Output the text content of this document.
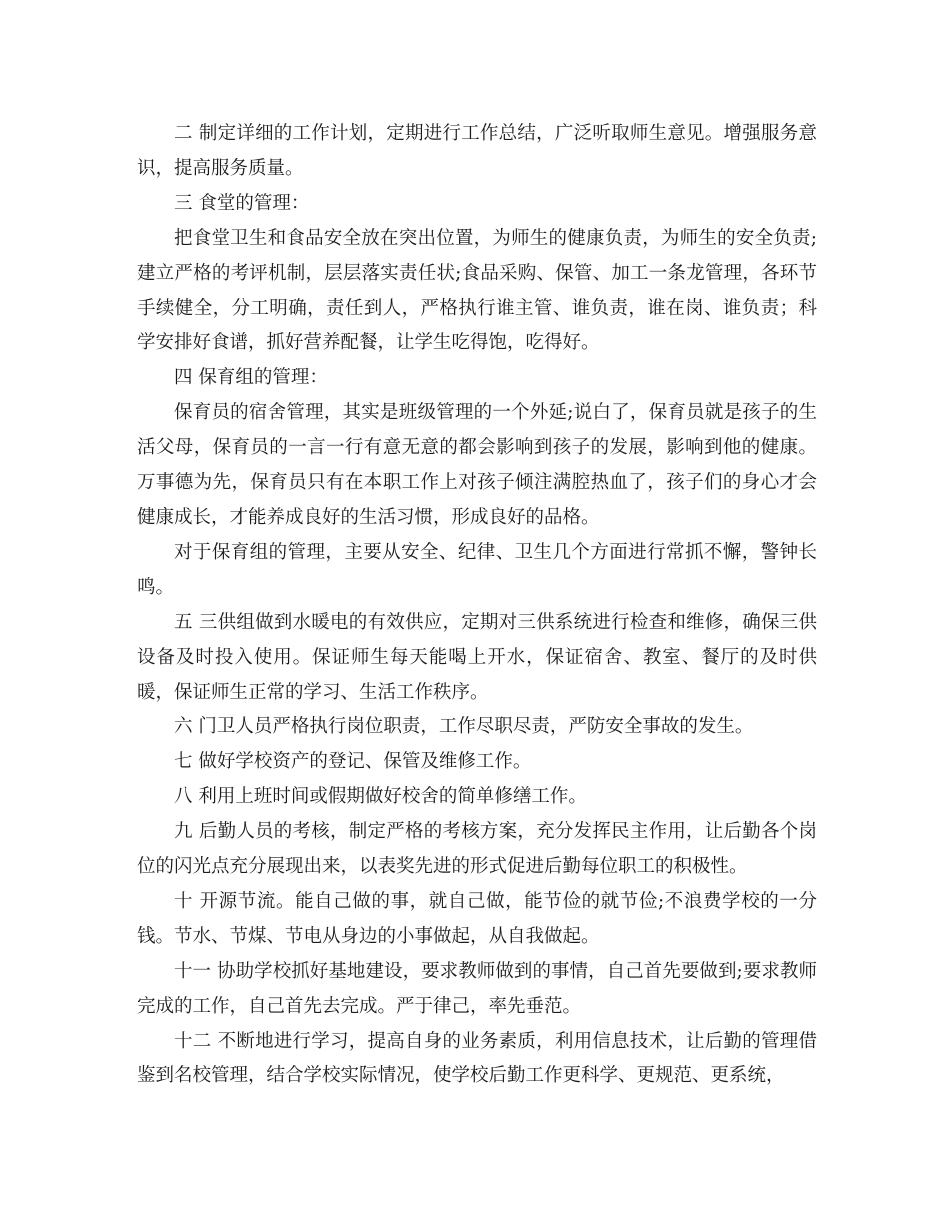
二 制定详细的工作计划，定期进行工作总结，广泛听取师生意见。增强服务意识，提高服务质量。

三 食堂的管理：

把食堂卫生和食品安全放在突出位置，为师生的健康负责，为师生的安全负责;建立严格的考评机制，层层落实责任状;食品采购、保管、加工一条龙管理，各环节手续健全，分工明确，责任到人，严格执行谁主管、谁负责，谁在岗、谁负责；科学安排好食谱，抓好营养配餐，让学生吃得饱，吃得好。

四 保育组的管理：

保育员的宿舍管理，其实是班级管理的一个外延;说白了，保育员就是孩子的生活父母，保育员的一言一行有意无意的都会影响到孩子的发展，影响到他的健康。万事德为先，保育员只有在本职工作上对孩子倾注满腔热血了，孩子们的身心才会健康成长，才能养成良好的生活习惯，形成良好的品格。

对于保育组的管理，主要从安全、纪律、卫生几个方面进行常抓不懈，警钟长鸣。

五 三供组做到水暖电的有效供应，定期对三供系统进行检查和维修，确保三供设备及时投入使用。保证师生每天能喝上开水，保证宿舍、教室、餐厅的及时供暖，保证师生正常的学习、生活工作秩序。

六 门卫人员严格执行岗位职责，工作尽职尽责，严防安全事故的发生。

七 做好学校资产的登记、保管及维修工作。

八 利用上班时间或假期做好校舍的简单修缮工作。

九 后勤人员的考核，制定严格的考核方案，充分发挥民主作用，让后勤各个岗位的闪光点充分展现出来，以表奖先进的形式促进后勤每位职工的积极性。

十 开源节流。能自己做的事，就自己做，能节俭的就节俭;不浪费学校的一分钱。节水、节煤、节电从身边的小事做起，从自我做起。

十一 协助学校抓好基地建设，要求教师做到的事情，自己首先要做到;要求教师完成的工作，自己首先去完成。严于律己，率先垂范。

十二 不断地进行学习，提高自身的业务素质，利用信息技术，让后勤的管理借鉴到名校管理，结合学校实际情况，使学校后勤工作更科学、更规范、更系统，
